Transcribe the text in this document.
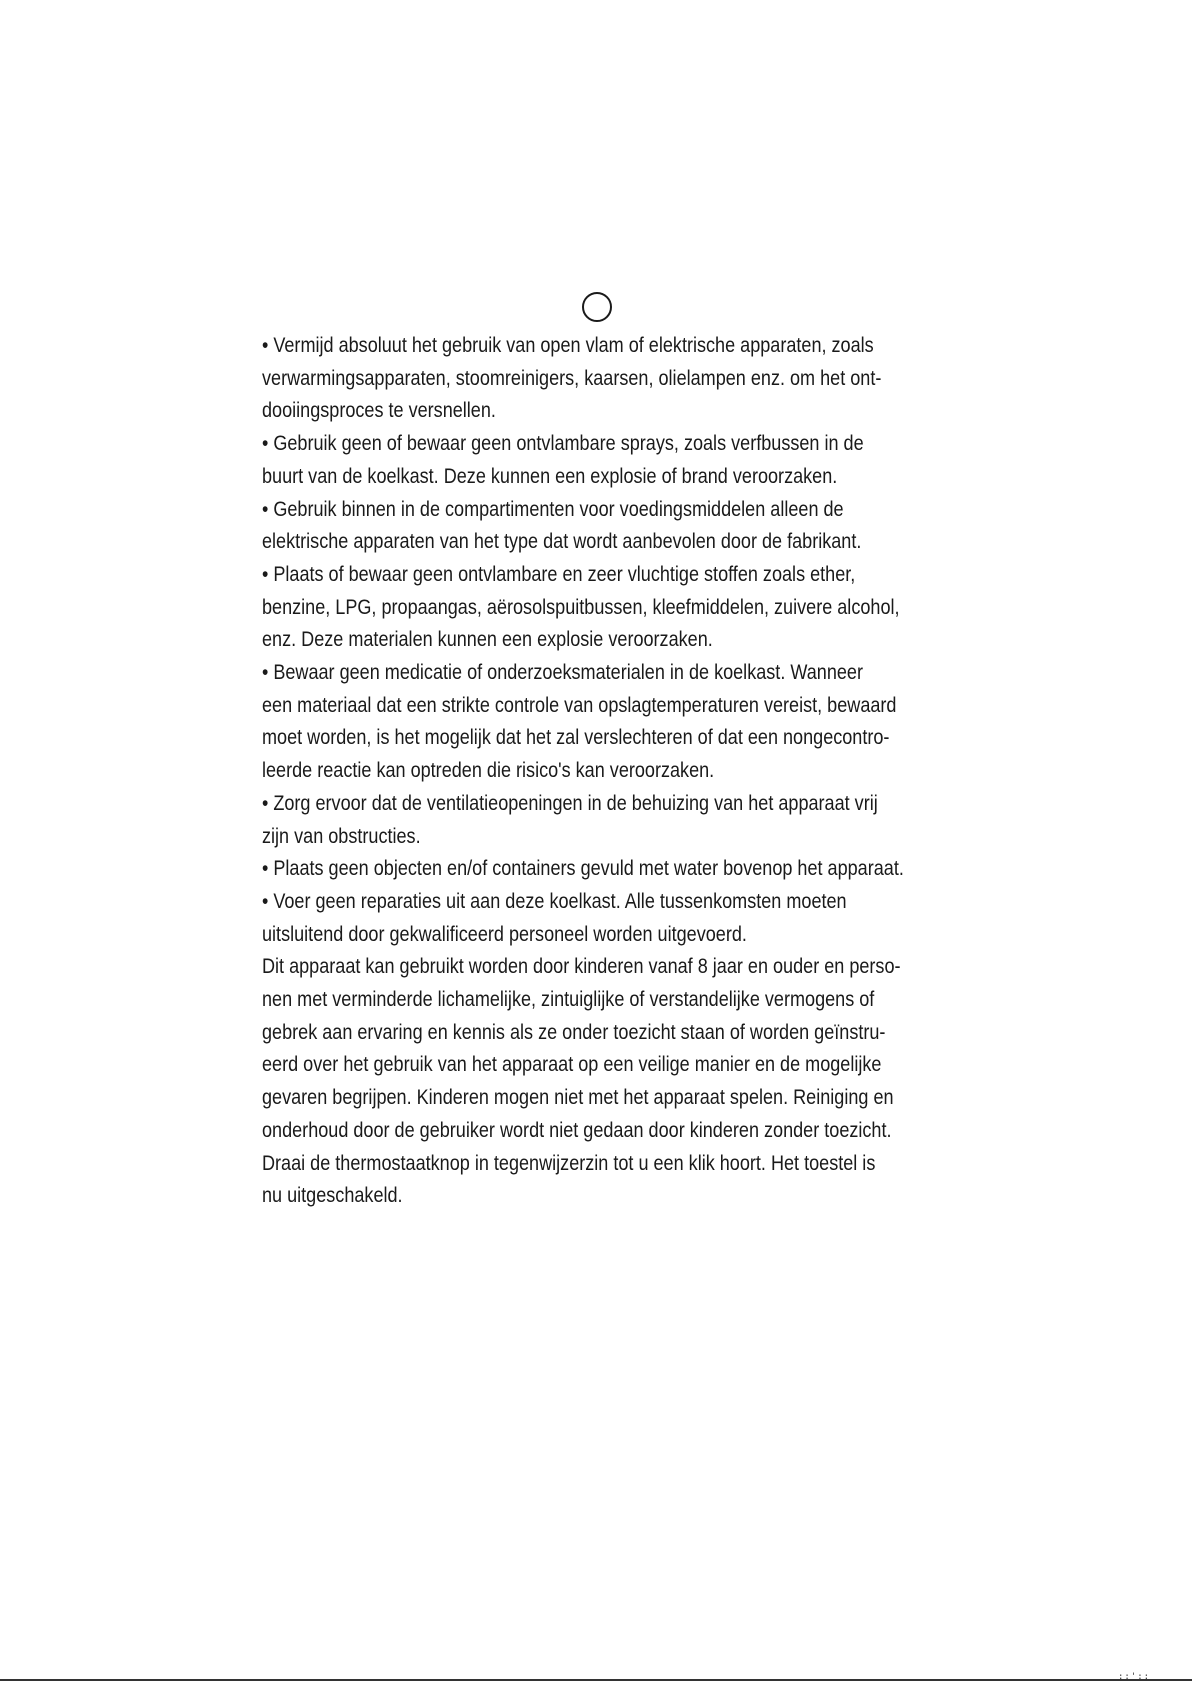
• Vermijd absoluut het gebruik van open vlam of elektrische apparaten, zoals
verwarmingsapparaten, stoomreinigers, kaarsen, olielampen enz. om het ont-
dooiingsproces te versnellen.
• Gebruik geen of bewaar geen ontvlambare sprays, zoals verfbussen in de
buurt van de koelkast. Deze kunnen een explosie of brand veroorzaken.
• Gebruik binnen in de compartimenten voor voedingsmiddelen alleen de
elektrische apparaten van het type dat wordt aanbevolen door de fabrikant.
• Plaats of bewaar geen ontvlambare en zeer vluchtige stoffen zoals ether,
benzine, LPG, propaangas, aërosolspuitbussen, kleefmiddelen, zuivere alcohol,
enz. Deze materialen kunnen een explosie veroorzaken.
• Bewaar geen medicatie of onderzoeksmaterialen in de koelkast. Wanneer
een materiaal dat een strikte controle van opslagtemperaturen vereist, bewaard
moet worden, is het mogelijk dat het zal verslechteren of dat een nongecontro-
leerde reactie kan optreden die risico's kan veroorzaken.
• Zorg ervoor dat de ventilatieopeningen in de behuizing van het apparaat vrij
zijn van obstructies.
• Plaats geen objecten en/of containers gevuld met water bovenop het apparaat.
• Voer geen reparaties uit aan deze koelkast. Alle tussenkomsten moeten
uitsluitend door gekwalificeerd personeel worden uitgevoerd.
Dit apparaat kan gebruikt worden door kinderen vanaf 8 jaar en ouder en perso-
nen met verminderde lichamelijke, zintuiglijke of verstandelijke vermogens of
gebrek aan ervaring en kennis als ze onder toezicht staan of worden geïnstru-
eerd over het gebruik van het apparaat op een veilige manier en de mogelijke
gevaren begrijpen. Kinderen mogen niet met het apparaat spelen. Reiniging en
onderhoud door de gebruiker wordt niet gedaan door kinderen zonder toezicht.
Draai de thermostaatknop in tegenwijzerzin tot u een klik hoort. Het toestel is
nu uitgeschakeld.
::'::
